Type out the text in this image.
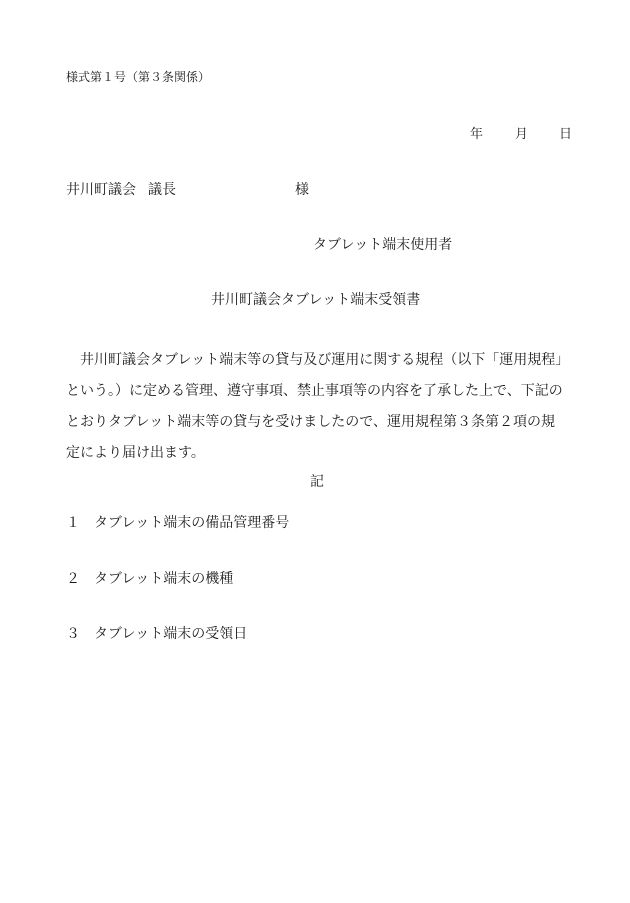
様式第１号（第３条関係）
年 月 日
井川町議会 議長	様
タブレット端末使用者
井川町議会タブレット端末受領書
　井川町議会タブレット端末等の貸与及び運用に関する規程（以下「運用規程」
という。）に定める管理、遵守事項、禁止事項等の内容を了承した上で、下記の
とおりタブレット端末等の貸与を受けましたので、運用規程第３条第２項の規
定により届け出ます。
記
１ タブレット端末の備品管理番号
２ タブレット端末の機種
３ タブレット端末の受領日
